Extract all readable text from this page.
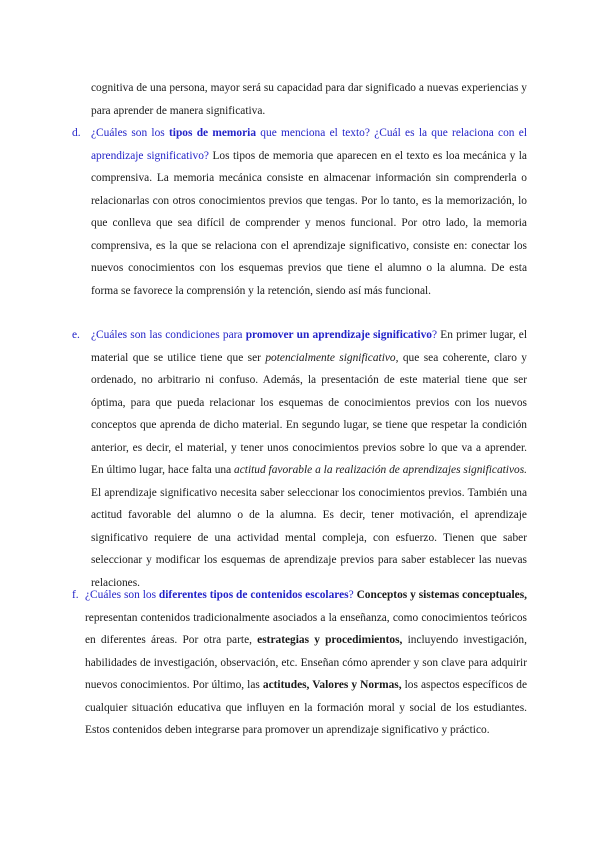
cognitiva de una persona, mayor será su capacidad para dar significado a nuevas experiencias y para aprender de manera significativa.

d. ¿Cuáles son los tipos de memoria que menciona el texto? ¿Cuál es la que relaciona con el aprendizaje significativo? Los tipos de memoria que aparecen en el texto es loa mecánica y la comprensiva. La memoria mecánica consiste en almacenar información sin comprenderla o relacionarlas con otros conocimientos previos que tengas. Por lo tanto, es la memorización, lo que conlleva que sea difícil de comprender y menos funcional. Por otro lado, la memoria comprensiva, es la que se relaciona con el aprendizaje significativo, consiste en: conectar los nuevos conocimientos con los esquemas previos que tiene el alumno o la alumna. De esta forma se favorece la comprensión y la retención, siendo así más funcional.

e. ¿Cuáles son las condiciones para promover un aprendizaje significativo? En primer lugar, el material que se utilice tiene que ser potencialmente significativo, que sea coherente, claro y ordenado, no arbitrario ni confuso. Además, la presentación de este material tiene que ser óptima, para que pueda relacionar los esquemas de conocimientos previos con los nuevos conceptos que aprenda de dicho material. En segundo lugar, se tiene que respetar la condición anterior, es decir, el material, y tener unos conocimientos previos sobre lo que va a aprender. En último lugar, hace falta una actitud favorable a la realización de aprendizajes significativos. El aprendizaje significativo necesita saber seleccionar los conocimientos previos. También una actitud favorable del alumno o de la alumna. Es decir, tener motivación, el aprendizaje significativo requiere de una actividad mental compleja, con esfuerzo. Tienen que saber seleccionar y modificar los esquemas de aprendizaje previos para saber establecer las nuevas relaciones.

f. ¿Cuáles son los diferentes tipos de contenidos escolares? Conceptos y sistemas conceptuales, representan contenidos tradicionalmente asociados a la enseñanza, como conocimientos teóricos en diferentes áreas. Por otra parte, estrategias y procedimientos, incluyendo investigación, habilidades de investigación, observación, etc. Enseñan cómo aprender y son clave para adquirir nuevos conocimientos. Por último, las actitudes, Valores y Normas, los aspectos específicos de cualquier situación educativa que influyen en la formación moral y social de los estudiantes. Estos contenidos deben integrarse para promover un aprendizaje significativo y práctico.
